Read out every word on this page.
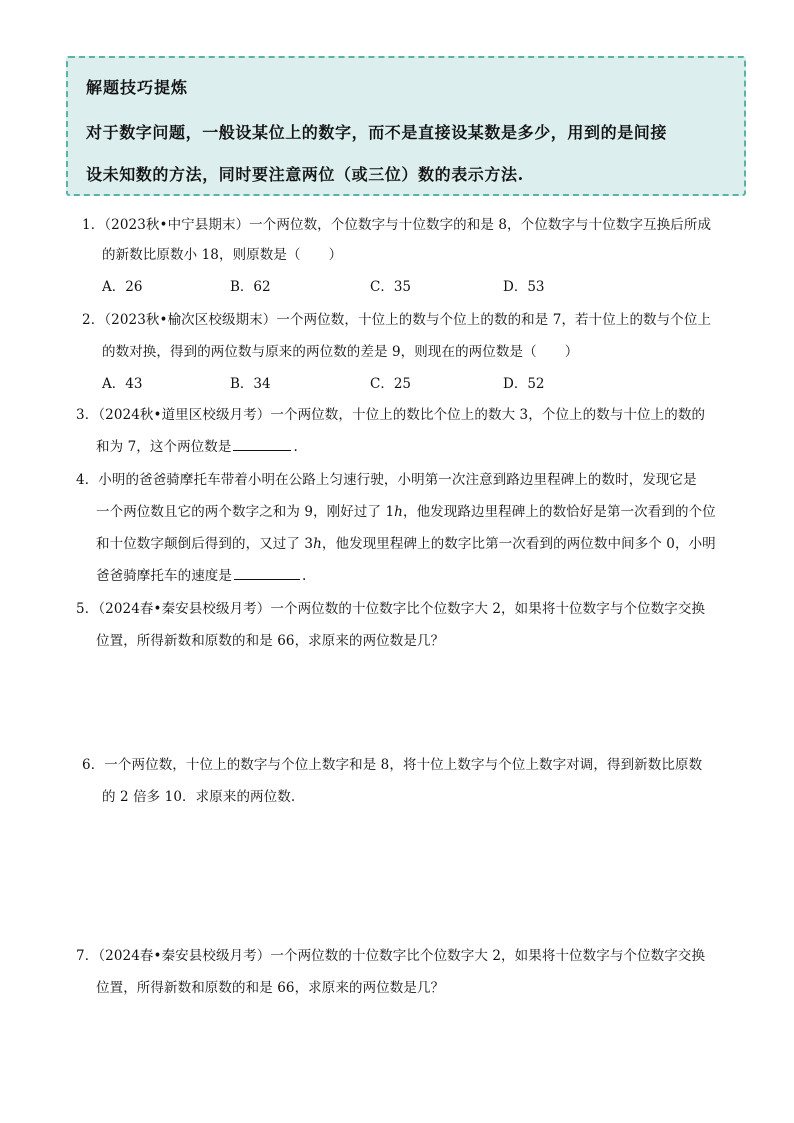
解题技巧提炼
对于数字问题，一般设某位上的数字，而不是直接设某数是多少，用到的是间接
设未知数的方法，同时要注意两位（或三位）数的表示方法.
1．（2023秋•中宁县期末）一个两位数，个位数字与十位数字的和是 8，个位数字与十位数字互换后所成
的新数比原数小 18，则原数是（ ）
A．26	B．62	C．35	D．53
2．（2023秋•榆次区校级期末）一个两位数，十位上的数与个位上的数的和是 7，若十位上的数与个位上
的数对换，得到的两位数与原来的两位数的差是 9，则现在的两位数是（ ）
A．43	B．34	C．25	D．52
3．（2024秋•道里区校级月考）一个两位数，十位上的数比个位上的数大 3，个位上的数与十位上的数的
和为 7，这个两位数是	.
4．小明的爸爸骑摩托车带着小明在公路上匀速行驶，小明第一次注意到路边里程碑上的数时，发现它是
一个两位数且它的两个数字之和为 9，刚好过了 1h，他发现路边里程碑上的数恰好是第一次看到的个位
和十位数字颠倒后得到的，又过了 3h，他发现里程碑上的数字比第一次看到的两位数中间多个 0，小明
爸爸骑摩托车的速度是	.
5．（2024春•秦安县校级月考）一个两位数的十位数字比个位数字大 2，如果将十位数字与个位数字交换
位置，所得新数和原数的和是 66，求原来的两位数是几？
6．一个两位数，十位上的数字与个位上数字和是 8，将十位上数字与个位上数字对调，得到新数比原数
的 2 倍多 10．求原来的两位数.
7．（2024春•秦安县校级月考）一个两位数的十位数字比个位数字大 2，如果将十位数字与个位数字交换
位置，所得新数和原数的和是 66，求原来的两位数是几？
